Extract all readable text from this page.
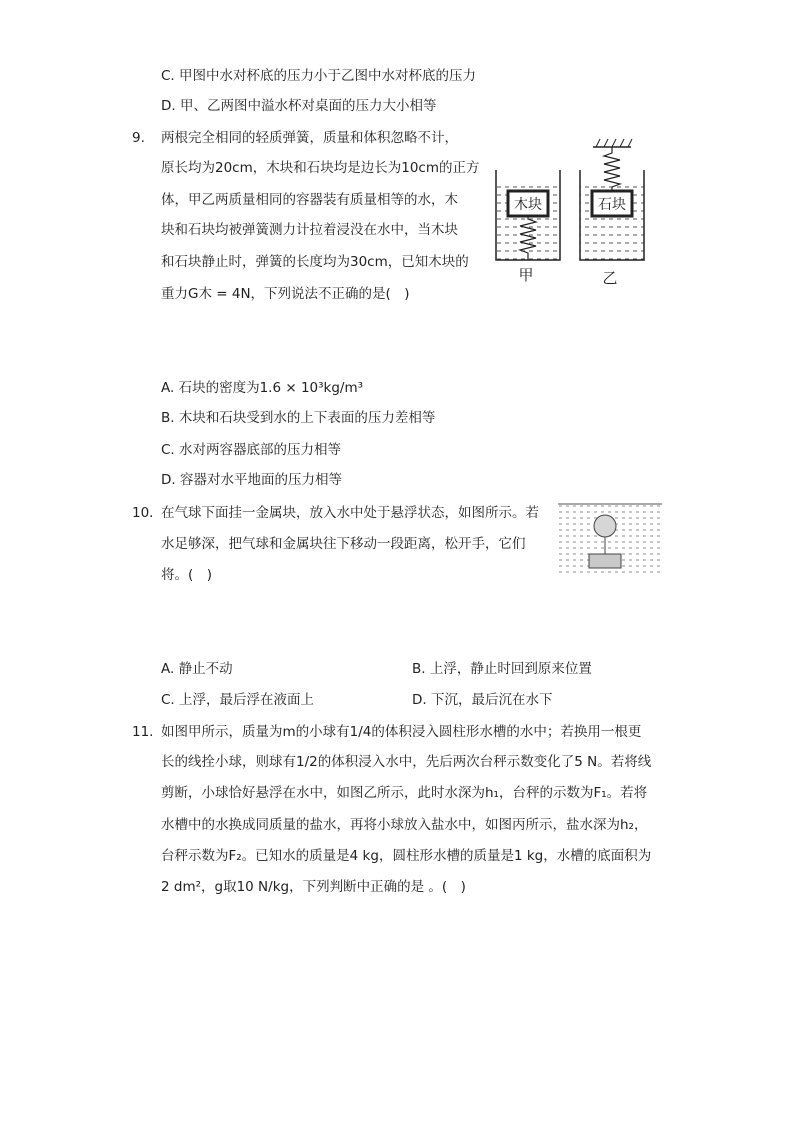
C. 甲图中水对杯底的压力小于乙图中水对杯底的压力
D. 甲、乙两图中溢水杯对桌面的压力大小相等
9. 两根完全相同的轻质弹簧，质量和体积忽略不计，
原长均为20cm，木块和石块均是边长为10cm的正方
体，甲乙两质量相同的容器装有质量相等的水，木
块和石块均被弹簧测力计拉着浸没在水中，当木块
和石块静止时，弹簧的长度均为30cm，已知木块的
重力G木 = 4N，下列说法不正确的是(　)
木块
甲
石块
乙
A. 石块的密度为1.6 × 10³kg/m³
B. 木块和石块受到水的上下表面的压力差相等
C. 水对两容器底部的压力相等
D. 容器对水平地面的压力相等
10. 在气球下面挂一金属块，放入水中处于悬浮状态，如图所示。若
水足够深，把气球和金属块往下移动一段距离，松开手，它们
将。(　)
A. 静止不动	B. 上浮，静止时回到原来位置
C. 上浮，最后浮在液面上	D. 下沉，最后沉在水下
11. 如图甲所示，质量为m的小球有1/4的体积浸入圆柱形水槽的水中；若换用一根更
长的线拴小球，则球有1/2的体积浸入水中，先后两次台秤示数变化了5 N。若将线
剪断，小球恰好悬浮在水中，如图乙所示，此时水深为h₁，台秤的示数为F₁。若将
水槽中的水换成同质量的盐水，再将小球放入盐水中，如图丙所示，盐水深为h₂，
台秤示数为F₂。已知水的质量是4 kg，圆柱形水槽的质量是1 kg，水槽的底面积为
2 dm²，g取10 N/kg，下列判断中正确的是 。(　)
